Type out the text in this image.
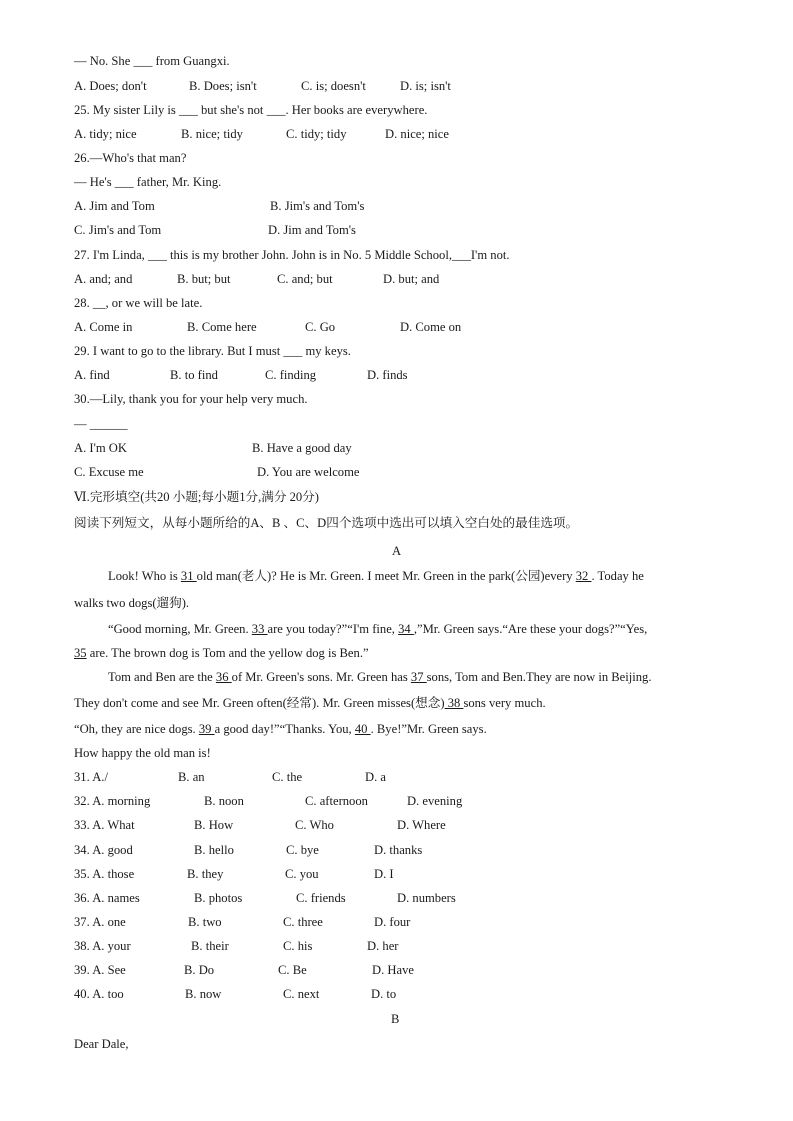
— No. She ___ from Guangxi.
A. Does; don't	B. Does; isn't	C. is; doesn't	D. is; isn't
25. My sister Lily is ___ but she's not ___. Her books are everywhere.
A. tidy; nice	B. nice; tidy	C. tidy; tidy	D. nice; nice
26.—Who's that man?
— He's ___ father, Mr. King.
A. Jim and Tom	B. Jim's and Tom's
C. Jim's and Tom	D. Jim and Tom's
27. I'm Linda, ___ this is my brother John. John is in No. 5 Middle School,___I'm not.
A. and; and	B. but; but	C. and; but	D. but; and
28. __, or we will be late.
A. Come in	B. Come here	C. Go	D. Come on
29. I want to go to the library. But I must ___ my keys.
A. find	B. to find	C. finding	D. finds
30.—Lily, thank you for your help very much.
— ______
A. I'm OK	B. Have a good day
C. Excuse me	D. You are welcome
Ⅵ.完形填空(共20 小题;每小题1分,满分 20分)
阅读下列短文，从每小题所给的A、B 、C、D四个选项中选出可以填入空白处的最佳选项。
A
Look! Who is 31 old man(老人)? He is Mr. Green. I meet Mr. Green in the park(公园)every 32 . Today he
walks two dogs(遛狗).
“Good morning, Mr. Green. 33 are you today?”“I'm fine, 34 ,”Mr. Green says.“Are these your dogs?”“Yes,
35 are. The brown dog is Tom and the yellow dog is Ben.”
Tom and Ben are the 36 of Mr. Green's sons. Mr. Green has 37 sons, Tom and Ben.They are now in Beijing.
They don't come and see Mr. Green often(经常). Mr. Green misses(想念) 38 sons very much.
“Oh, they are nice dogs. 39 a good day!”“Thanks. You, 40 . Bye!”Mr. Green says.
How happy the old man is!
31. A./	B. an	C. the	D. a
32. A. morning	B. noon	C. afternoon	D. evening
33. A. What	B. How	C. Who	D. Where
34. A. good	B. hello	C. bye	D. thanks
35. A. those	B. they	C. you	D. I
36. A. names	B. photos	C. friends	D. numbers
37. A. one	B. two	C. three	D. four
38. A. your	B. their	C. his	D. her
39. A. See	B. Do	C. Be	D. Have
40. A. too	B. now	C. next	D. to
B
Dear Dale,
